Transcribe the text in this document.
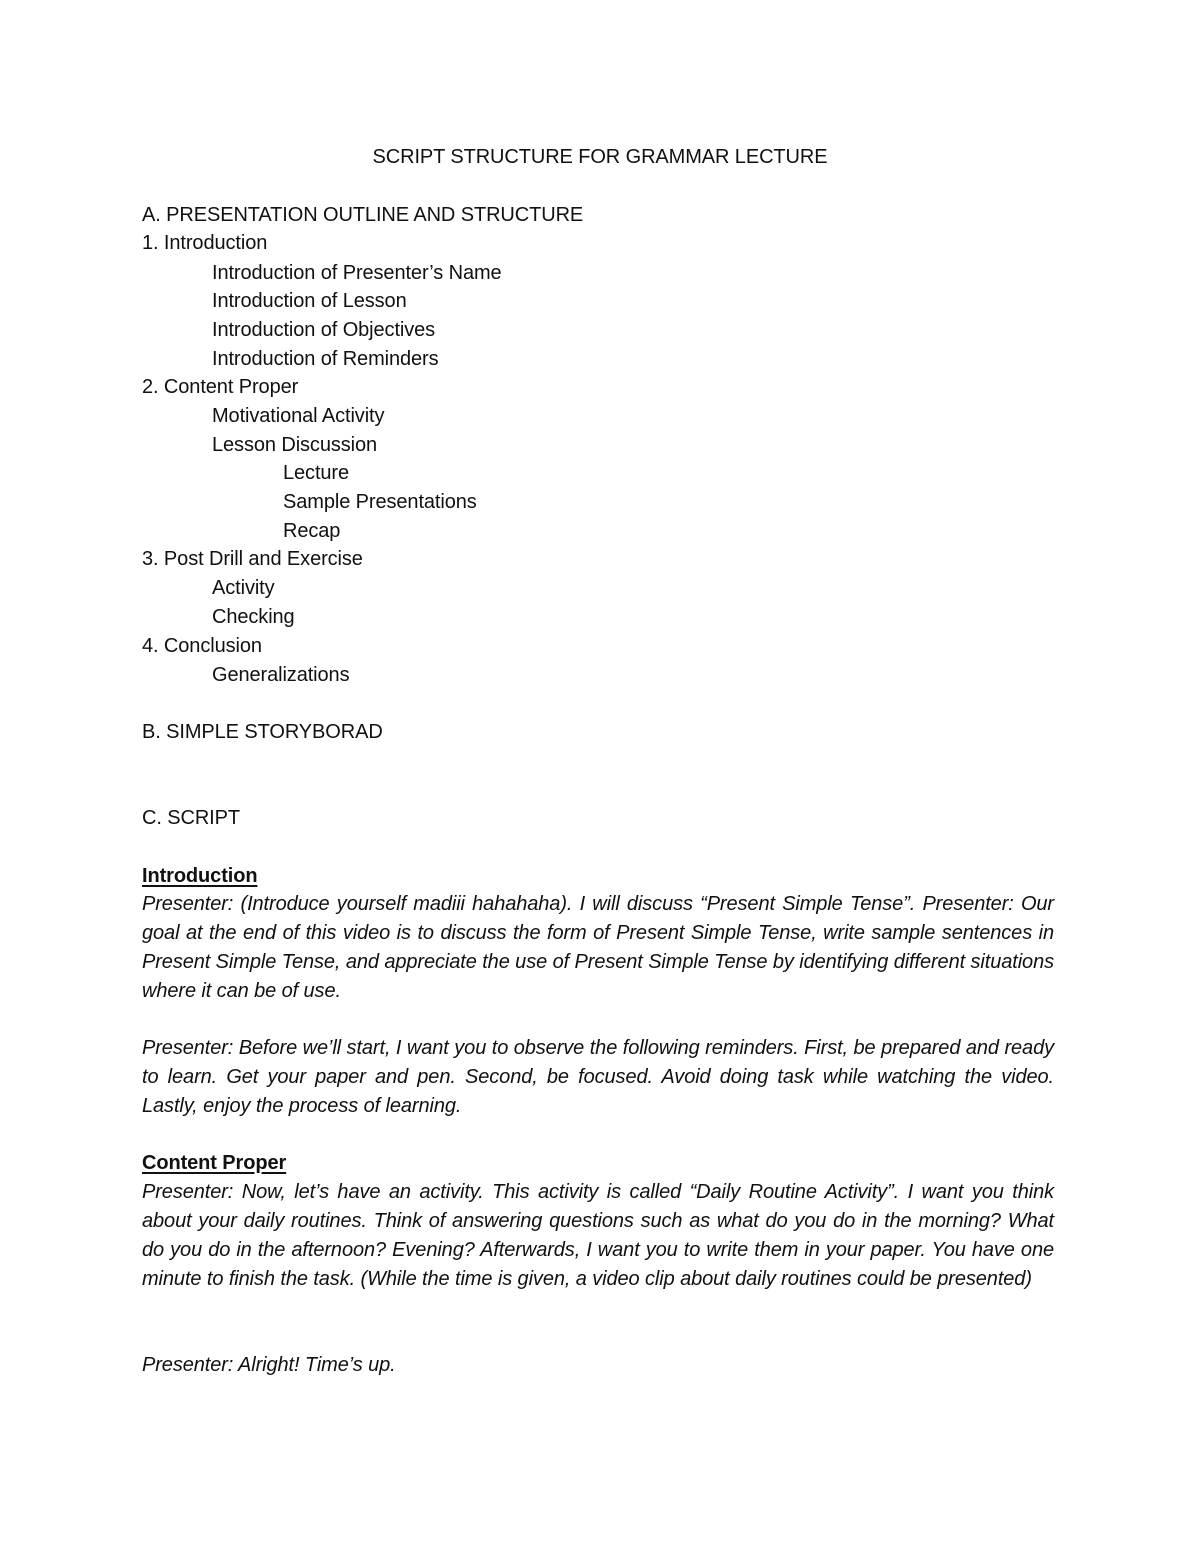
SCRIPT STRUCTURE FOR GRAMMAR LECTURE
A. PRESENTATION OUTLINE AND STRUCTURE
1. Introduction
Introduction of Presenter’s Name
Introduction of Lesson
Introduction of Objectives
Introduction of Reminders
2. Content Proper
Motivational Activity
Lesson Discussion
Lecture
Sample Presentations
Recap
3. Post Drill and Exercise
Activity
Checking
4. Conclusion
Generalizations
B. SIMPLE STORYBORAD
C. SCRIPT
Introduction
Presenter: (Introduce yourself madiii hahahaha). I will discuss “Present Simple Tense”. Presenter: Our goal at the end of this video is to discuss the form of Present Simple Tense, write sample sentences in Present Simple Tense, and appreciate the use of Present Simple Tense by identifying different situations where it can be of use.
Presenter: Before we’ll start, I want you to observe the following reminders. First, be prepared and ready to learn. Get your paper and pen. Second, be focused. Avoid doing task while watching the video. Lastly, enjoy the process of learning.
Content Proper
Presenter: Now, let’s have an activity. This activity is called “Daily Routine Activity”. I want you think about your daily routines. Think of answering questions such as what do you do in the morning? What do you do in the afternoon? Evening? Afterwards, I want you to write them in your paper. You have one minute to finish the task. (While the time is given, a video clip about daily routines could be presented)
Presenter: Alright! Time’s up.
